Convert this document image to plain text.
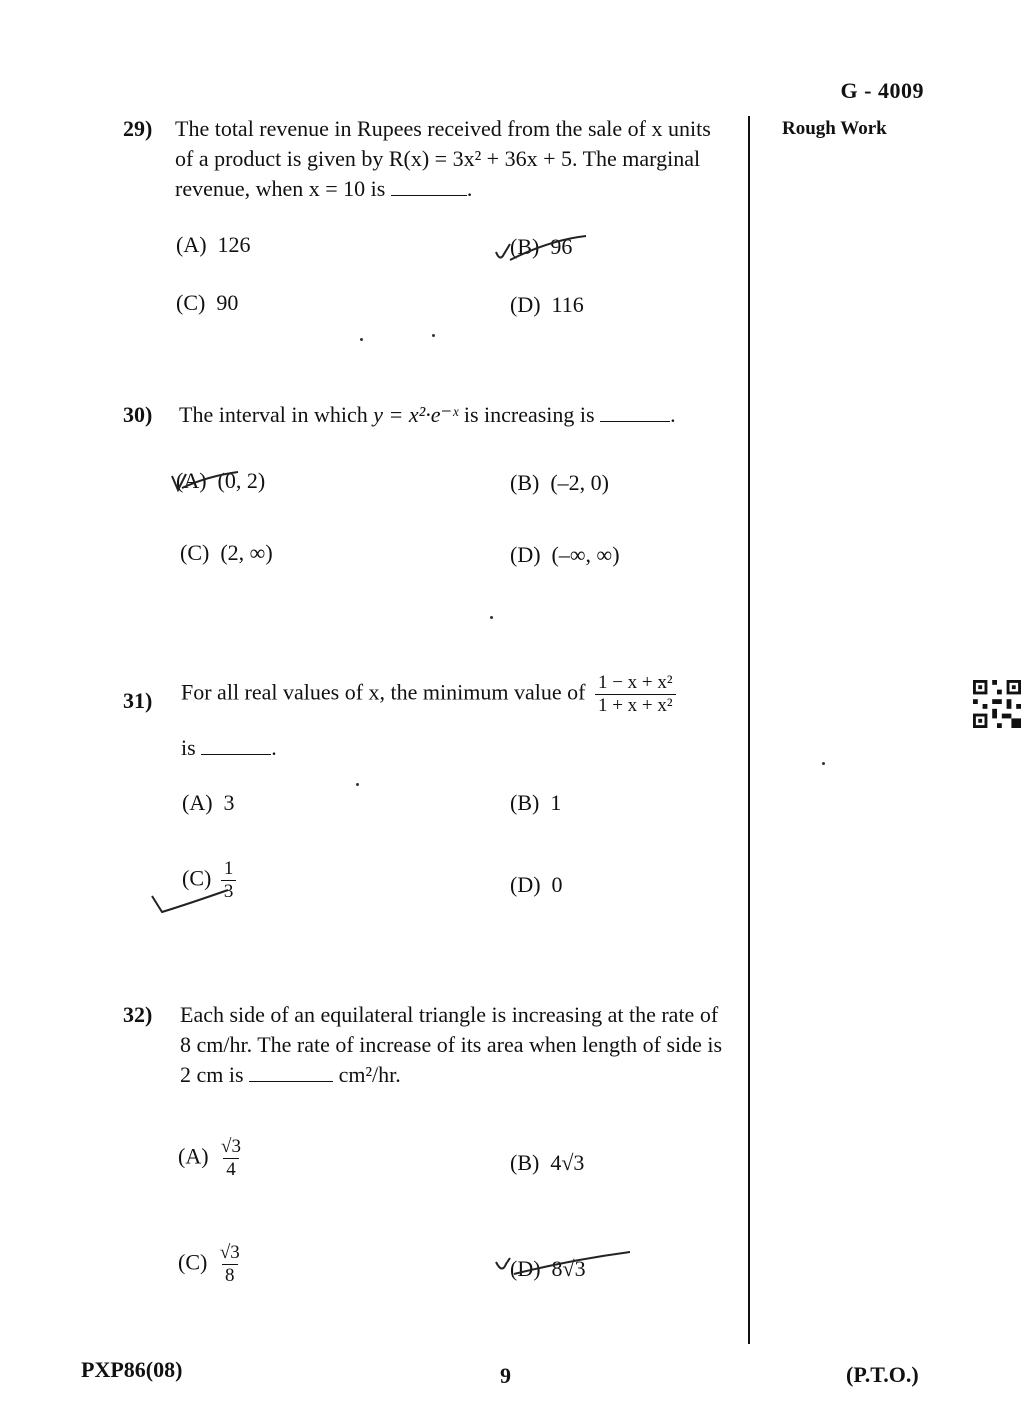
G - 4009
Rough Work
29) The total revenue in Rupees received from the sale of x units
of a product is given by R(x) = 3x² + 36x + 5. The marginal
revenue, when x = 10 is	.
(A) 126	(B) 96
(C) 90	(D) 116
30) The interval in which y = x²·e⁻ˣ is increasing is	.
(A) (0, 2)	(B) (–2, 0)
(C) (2, ∞)	(D) (–∞, ∞)
31) For all real values of x, the minimum value of $\frac{\text{1 − x + x²}}{\text{1 + x + x²}}$
is	.
(A) 3	(B) 1
$(C) \frac{1}{3}$	(D) 0
32) Each side of an equilateral triangle is increasing at the rate of
8 cm/hr. The rate of increase of its area when length of side is
2 cm is	cm²/hr.
$(A) \frac{√3}{4}$	(B) 4√3
$(C) \frac{√3}{8}$	(D) 8√3
PXP86(08)	9	(P.T.O.)
